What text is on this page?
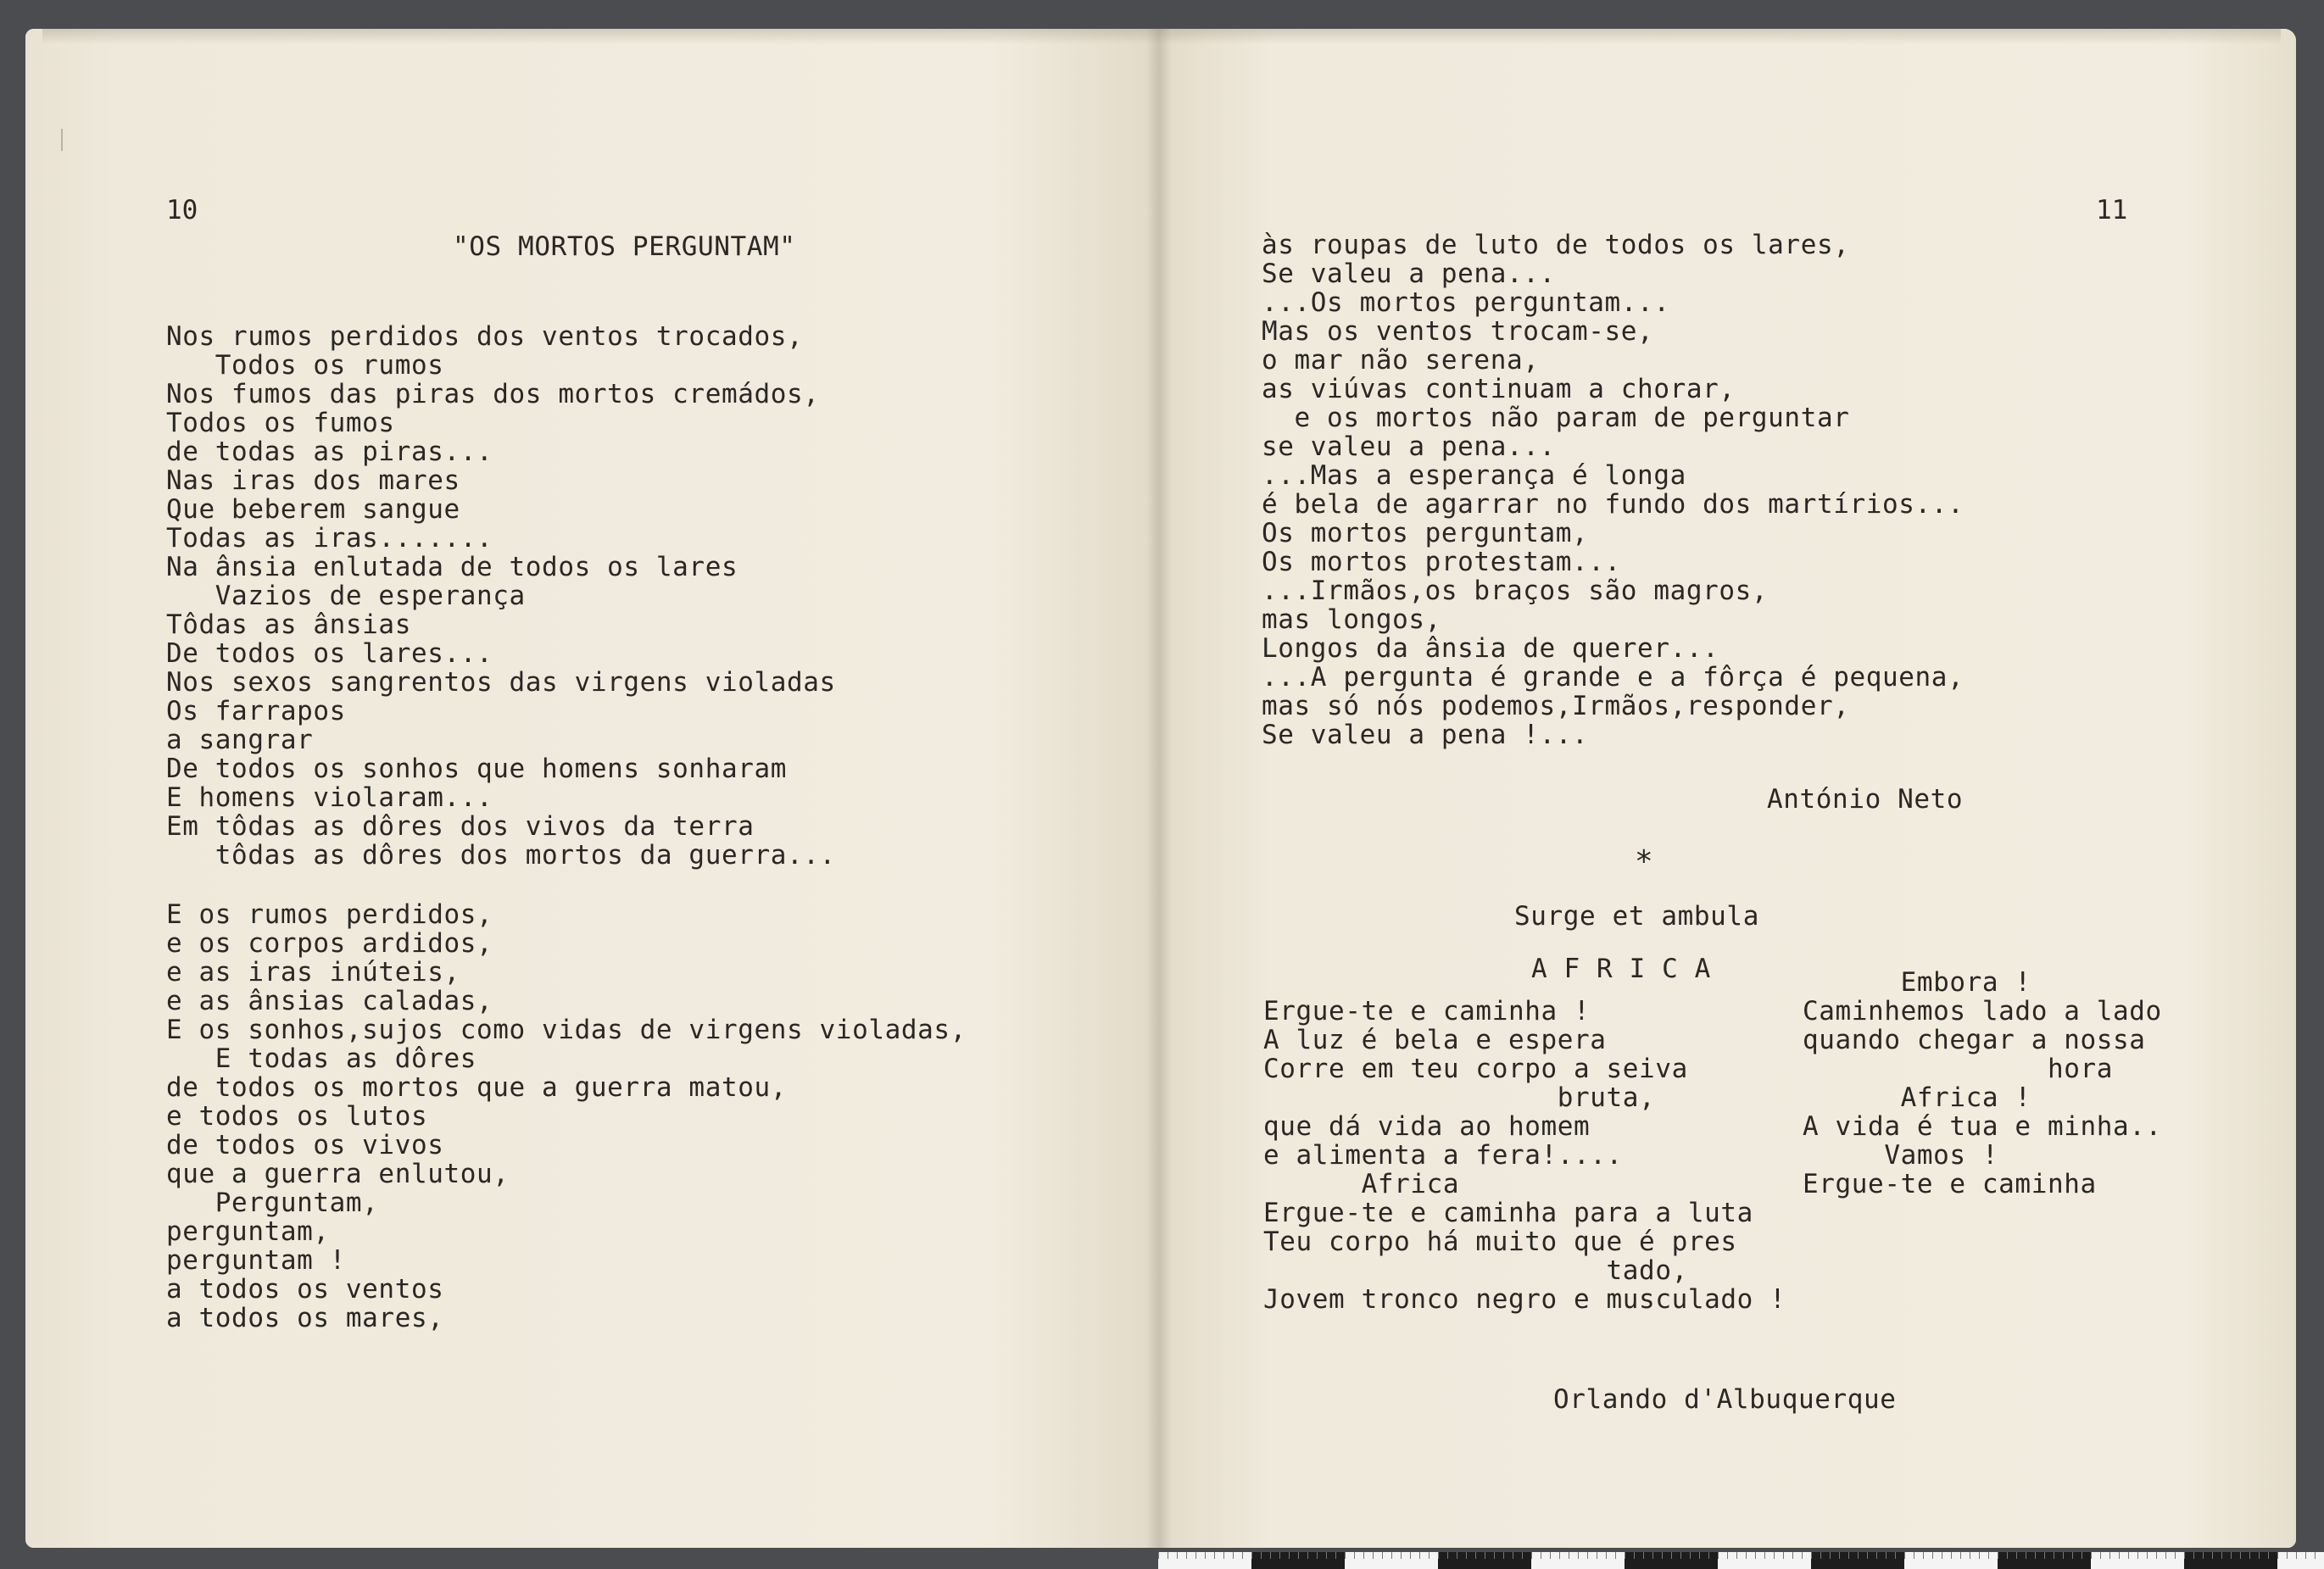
10
"OS MORTOS PERGUNTAM"
Nos rumos perdidos dos ventos trocados,
Todos os rumos
Nos fumos das piras dos mortos cremádos,
Todos os fumos
de todas as piras...
Nas iras dos mares
Que beberem sangue
Todas as iras.......
Na ânsia enlutada de todos os lares
Vazios de esperança
Tôdas as ânsias
De todos os lares...
Nos sexos sangrentos das virgens violadas
Os farrapos
a sangrar
De todos os sonhos que homens sonharam
E homens violaram...
Em tôdas as dôres dos vivos da terra
tôdas as dôres dos mortos da guerra...
E os rumos perdidos,
e os corpos ardidos,
e as iras inúteis,
e as ânsias caladas,
E os sonhos,sujos como vidas de virgens violadas,
E todas as dôres
de todos os mortos que a guerra matou,
e todos os lutos
de todos os vivos
que a guerra enlutou,
Perguntam,
perguntam,
perguntam !
a todos os ventos
a todos os mares,
11
às roupas de luto de todos os lares,
Se valeu a pena...
...Os mortos perguntam...
Mas os ventos trocam-se,
o mar não serena,
as viúvas continuam a chorar,
e os mortos não param de perguntar
se valeu a pena...
...Mas a esperança é longa
é bela de agarrar no fundo dos martírios...
Os mortos perguntam,
Os mortos protestam...
...Irmãos,os braços são magros,
mas longos,
Longos da ânsia de querer...
...A pergunta é grande e a fôrça é pequena,
mas só nós podemos,Irmãos,responder,
Se valeu a pena !...
António Neto
*
Surge et ambula
A F R I C A
Ergue-te e caminha !
A luz é bela e espera
Corre em teu corpo a seiva
bruta,
que dá vida ao homem
e alimenta a fera!....
Africa
Ergue-te e caminha para a luta
Teu corpo há muito que é pres
tado,
Jovem tronco negro e musculado !
Embora !
Caminhemos lado a lado
quando chegar a nossa
hora
Africa !
A vida é tua e minha..
Vamos !
Ergue-te e caminha
Orlando d'Albuquerque
